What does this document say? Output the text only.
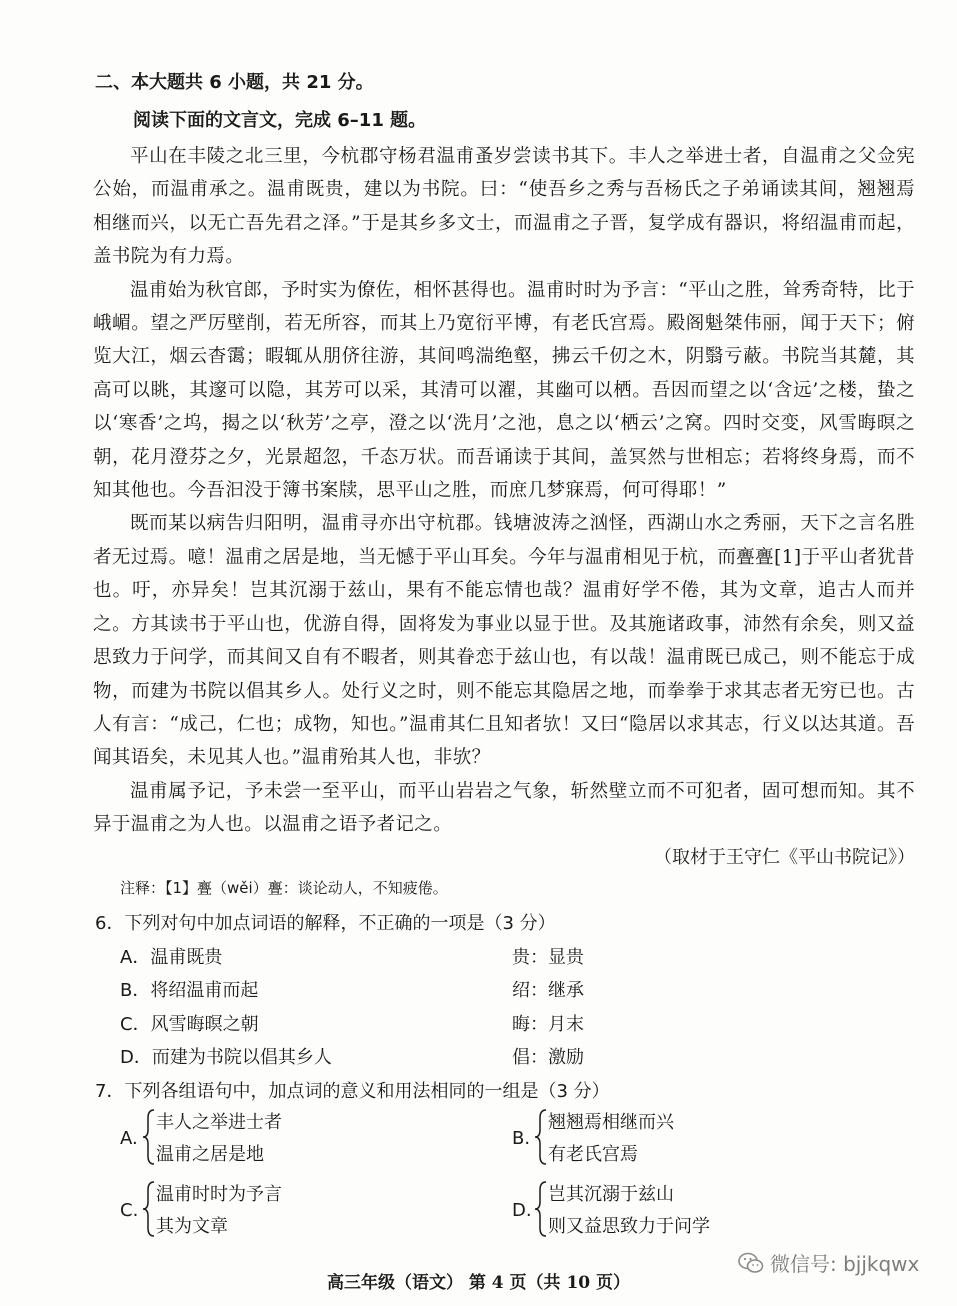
二、本大题共 6 小题，共 21 分。
阅读下面的文言文，完成 6–11 题。

平山在丰陵之北三里，今杭郡守杨君温甫蚤岁尝读书其下。丰人之举进士者，自温甫之父佥宪公始，而温甫承之。温甫既贵，建以为书院。曰：“使吾乡之秀与吾杨氏之子弟诵读其间，翘翘焉相继而兴，以无亡吾先君之泽。”于是其乡多文士，而温甫之子晋，复学成有器识，将绍温甫而起，盖书院为有力焉。

温甫始为秋官郎，予时实为僚佐，相怀甚得也。温甫时时为予言：“平山之胜，耸秀奇特，比于峨嵋。望之严厉壁削，若无所容，而其上乃宽衍平博，有老氏宫焉。殿阁魁桀伟丽，闻于天下；俯览大江，烟云杳霭；暇辄从朋侪往游，其间鸣湍绝壑，拂云千仞之木，阴翳亏蔽。书院当其麓，其高可以眺，其邃可以隐，其芳可以采，其清可以濯，其幽可以栖。吾因而望之以‘含远’之楼，蛰之以‘寒香’之坞，揭之以‘秋芳’之亭，澄之以‘洗月’之池，息之以‘栖云’之窝。四时交变，风雪晦暝之朝，花月澄芬之夕，光景超忽，千态万状。而吾诵读于其间，盖冥然与世相忘；若将终身焉，而不知其他也。今吾汩没于簿书案牍，思平山之胜，而庶几梦寐焉，何可得耶！”

既而某以病告归阳明，温甫寻亦出守杭郡。钱塘波涛之汹怪，西湖山水之秀丽，天下之言名胜者无过焉。噫！温甫之居是地，当无憾于平山耳矣。今年与温甫相见于杭，而亹亹[1]于平山者犹昔也。吁，亦异矣！岂其沉溺于兹山，果有不能忘情也哉？温甫好学不倦，其为文章，追古人而并之。方其读书于平山也，优游自得，固将发为事业以显于世。及其施诸政事，沛然有余矣，则又益思致力于问学，而其间又自有不暇者，则其眷恋于兹山也，有以哉！温甫既已成己，则不能忘于成物，而建为书院以倡其乡人。处行义之时，则不能忘其隐居之地，而拳拳于求其志者无穷已也。古人有言：“成己，仁也；成物，知也。”温甫其仁且知者欤！又曰“隐居以求其志，行义以达其道。吾闻其语矣，未见其人也。”温甫殆其人也，非欤？

温甫属予记，予未尝一至平山，而平山岩岩之气象，斩然壁立而不可犯者，固可想而知。其不异于温甫之为人也。以温甫之语予者记之。

（取材于王守仁《平山书院记》）
注释：【1】亹（wěi）亹：谈论动人，不知疲倦。
6．下列对句中加点词语的解释，不正确的一项是（3 分）
A．温甫既贵	贵：显贵
B．将绍温甫而起	绍：继承
C．风雪晦暝之朝	晦：月末
D．而建为书院以倡其乡人	倡：激励
7．下列各组语句中，加点词的意义和用法相同的一组是（3 分）
A.
丰人之举进士者
温甫之居是地
B.
翘翘焉相继而兴
有老氏宫焉
C.
温甫时时为予言
其为文章
D.
岂其沉溺于兹山
则又益思致力于问学
微信号: bjjkqwx
高三年级（语文） 第 4 页（共 10 页）
